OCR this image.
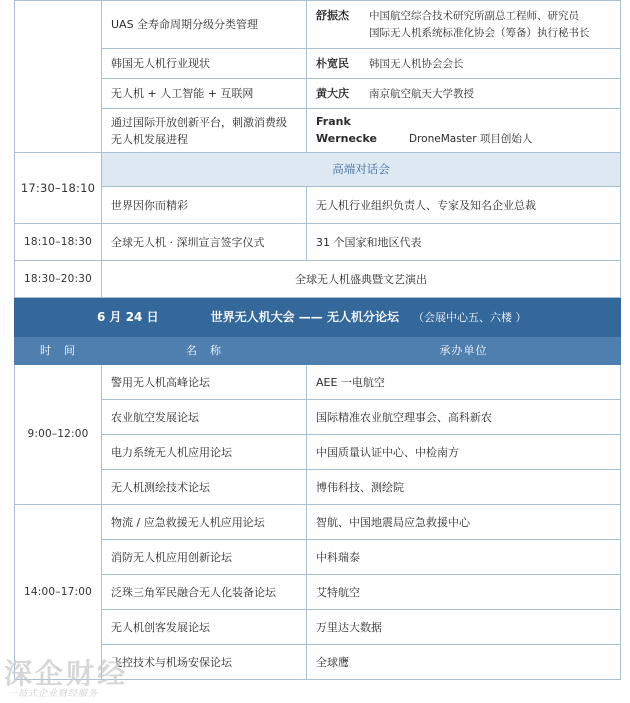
	UAS 全寿命周期分级分类管理	舒振杰 中国航空综合技术研究所副总工程师、研究员
国际无人机系统标准化协会（筹备）执行秘书长

	韩国无人机行业现状	朴宽民 韩国无人机协会会长
	无人机 + 人工智能 + 互联网	黄大庆 南京航空航天大学教授

	通过国际开放创新平台，刺激消费级
无人机发展进程	Frank Wernecke DroneMaster 项目创始人
17:30–18:10	高端对话会	
	世界因你而精彩	无人机行业组织负责人、专家及知名企业总裁
18:10–18:30	全球无人机 · 深圳宣言签字仪式	31 个国家和地区代表
18:30–20:30	全球无人机盛典暨文艺演出	
6 月 24 日 世界无人机大会 —— 无人机分论坛 （会展中心五、六楼 ）		
时　间	名　称	承办单位
9:00–12:00	警用无人机高峰论坛	AEE 一电航空
	农业航空发展论坛	国际精准农业航空理事会、高科新农
	电力系统无人机应用论坛	中国质量认证中心、中检南方
	无人机测绘技术论坛	博伟科技、测绘院
14:00–17:00	物流 / 应急救援无人机应用论坛	智航、中国地震局应急救援中心
	消防无人机应用创新论坛	中科瑞泰
	泛珠三角军民融合无人化装备论坛	艾特航空
	无人机创客发展论坛	万里达大数据
	飞控技术与机场安保论坛	全球鹰
深企财经
一站式企业财经服务
